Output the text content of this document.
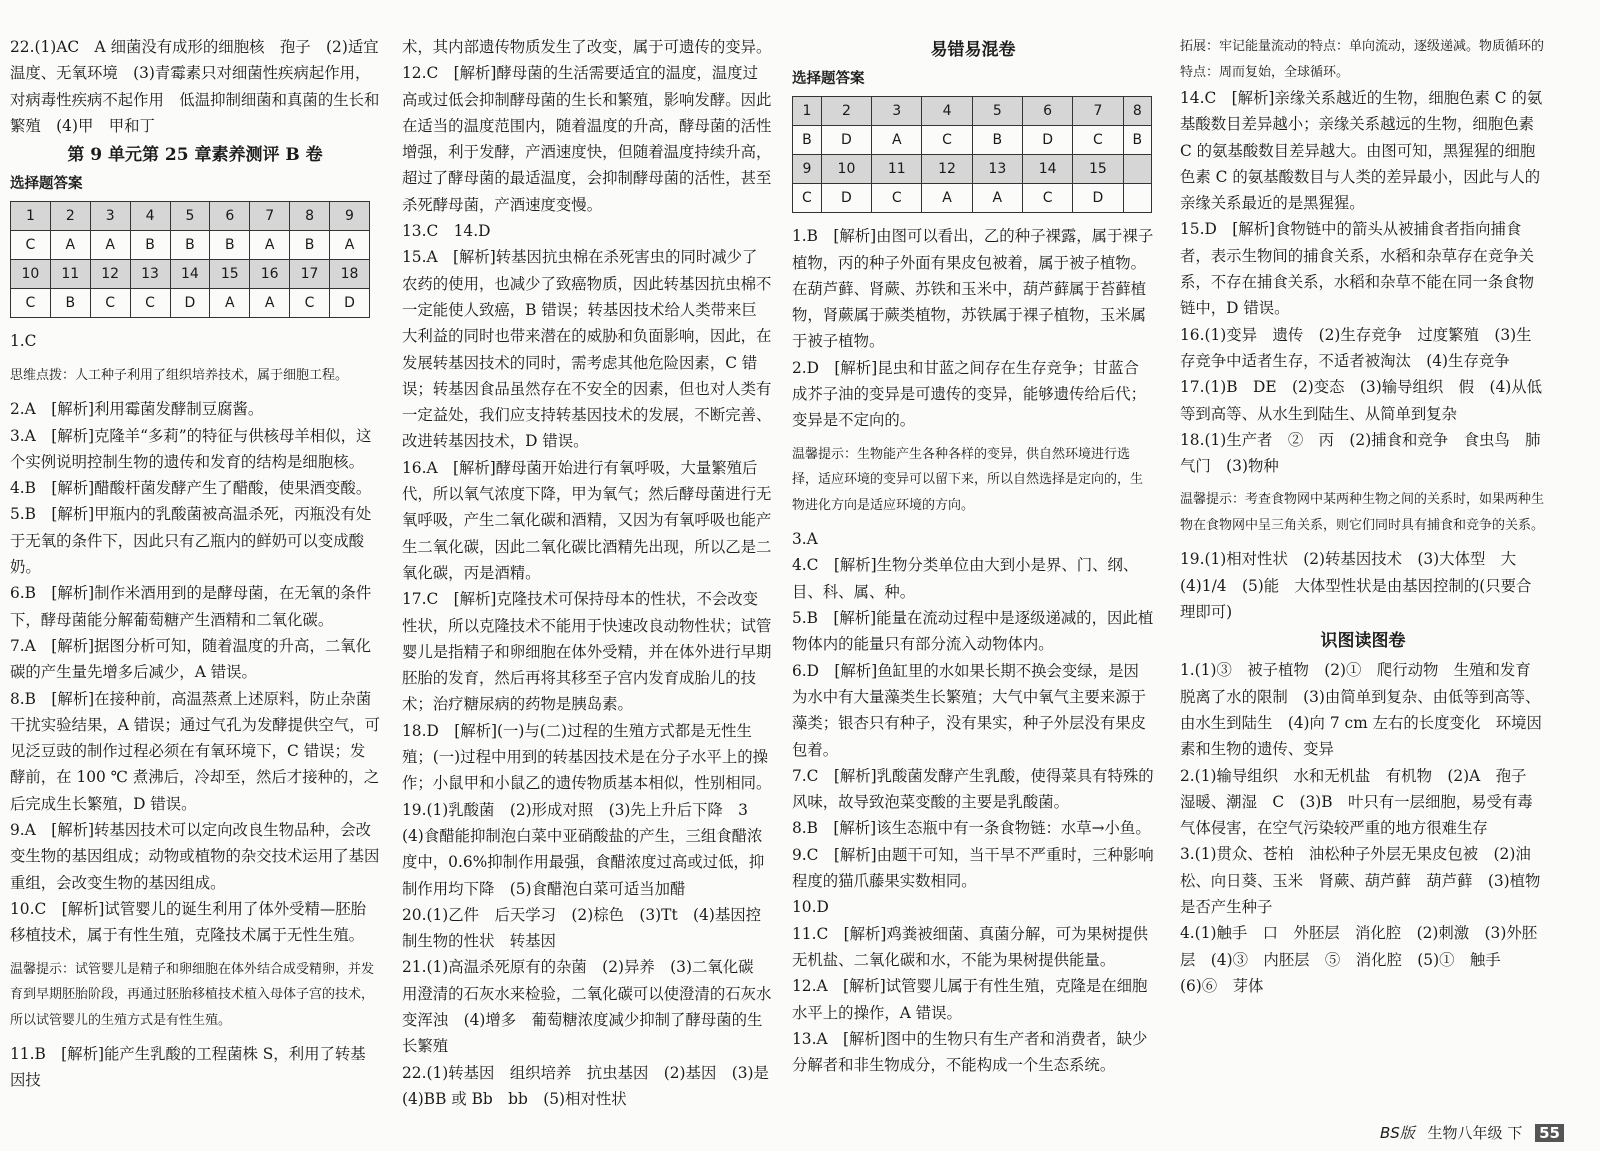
22.(1)AC　A 细菌没有成形的细胞核　孢子　(2)适宜温度、无氧环境　(3)青霉素只对细菌性疾病起作用，对病毒性疾病不起作用　低温抑制细菌和真菌的生长和繁殖　(4)甲　甲和丁

第 9 单元第 25 章素养测评 B 卷

选择题答案

1	2	3	4	5	6	7	8	9
C	A	A	B	B	B	A	B	A
10	11	12	13	14	15	16	17	18
C	B	C	C	D	A	A	C	D

1.C

思维点拨：人工种子利用了组织培养技术，属于细胞工程。

2.A　[解析]利用霉菌发酵制豆腐酱。

3.A　[解析]克隆羊“多莉”的特征与供核母羊相似，这个实例说明控制生物的遗传和发育的结构是细胞核。

4.B　[解析]醋酸杆菌发酵产生了醋酸，使果酒变酸。

5.B　[解析]甲瓶内的乳酸菌被高温杀死，丙瓶没有处于无氧的条件下，因此只有乙瓶内的鲜奶可以变成酸奶。

6.B　[解析]制作米酒用到的是酵母菌，在无氧的条件下，酵母菌能分解葡萄糖产生酒精和二氧化碳。

7.A　[解析]据图分析可知，随着温度的升高，二氧化碳的产生量先增多后减少，A 错误。

8.B　[解析]在接种前，高温蒸煮上述原料，防止杂菌干扰实验结果，A 错误；通过气孔为发酵提供空气，可见泛豆豉的制作过程必须在有氧环境下，C 错误；发酵前，在 100 ℃ 煮沸后，冷却至，然后才接种的，之后完成生长繁殖，D 错误。

9.A　[解析]转基因技术可以定向改良生物品种，会改变生物的基因组成；动物或植物的杂交技术运用了基因重组，会改变生物的基因组成。

10.C　[解析]试管婴儿的诞生利用了体外受精—胚胎移植技术，属于有性生殖，克隆技术属于无性生殖。

温馨提示：试管婴儿是精子和卵细胞在体外结合成受精卵，并发育到早期胚胎阶段，再通过胚胎移植技术植入母体子宫的技术，所以试管婴儿的生殖方式是有性生殖。

11.B　[解析]能产生乳酸的工程菌株 S，利用了转基因技

术，其内部遗传物质发生了改变，属于可遗传的变异。

12.C　[解析]酵母菌的生活需要适宜的温度，温度过高或过低会抑制酵母菌的生长和繁殖，影响发酵。因此在适当的温度范围内，随着温度的升高，酵母菌的活性增强，利于发酵，产酒速度快，但随着温度持续升高，超过了酵母菌的最适温度，会抑制酵母菌的活性，甚至杀死酵母菌，产酒速度变慢。

13.C　14.D

15.A　[解析]转基因抗虫棉在杀死害虫的同时减少了农药的使用，也减少了致癌物质，因此转基因抗虫棉不一定能使人致癌，B 错误；转基因技术给人类带来巨大利益的同时也带来潜在的威胁和负面影响，因此，在发展转基因技术的同时，需考虑其他危险因素，C 错误；转基因食品虽然存在不安全的因素，但也对人类有一定益处，我们应支持转基因技术的发展，不断完善、改进转基因技术，D 错误。

16.A　[解析]酵母菌开始进行有氧呼吸，大量繁殖后代，所以氧气浓度下降，甲为氧气；然后酵母菌进行无氧呼吸，产生二氧化碳和酒精，又因为有氧呼吸也能产生二氧化碳，因此二氧化碳比酒精先出现，所以乙是二氧化碳，丙是酒精。

17.C　[解析]克隆技术可保持母本的性状，不会改变性状，所以克隆技术不能用于快速改良动物性状；试管婴儿是指精子和卵细胞在体外受精，并在体外进行早期胚胎的发育，然后再将其移至子宫内发育成胎儿的技术；治疗糖尿病的药物是胰岛素。

18.D　[解析](一)与(二)过程的生殖方式都是无性生殖；(一)过程中用到的转基因技术是在分子水平上的操作；小鼠甲和小鼠乙的遗传物质基本相似，性别相同。

19.(1)乳酸菌　(2)形成对照　(3)先上升后下降　3　(4)食醋能抑制泡白菜中亚硝酸盐的产生，三组食醋浓度中，0.6%抑制作用最强，食醋浓度过高或过低，抑制作用均下降　(5)食醋泡白菜可适当加醋

20.(1)乙件　后天学习　(2)棕色　(3)Tt　(4)基因控制生物的性状　转基因

21.(1)高温杀死原有的杂菌　(2)异养　(3)二氧化碳　用澄清的石灰水来检验，二氧化碳可以使澄清的石灰水变浑浊　(4)增多　葡萄糖浓度减少抑制了酵母菌的生长繁殖

22.(1)转基因　组织培养　抗虫基因　(2)基因　(3)是　(4)BB 或 Bb　bb　(5)相对性状

易错易混卷

选择题答案

1	2	3	4	5	6	7	8
B	D	A	C	B	D	C	B
9	10	11	12	13	14	15	
C	D	C	A	A	C	D	

1.B　[解析]由图可以看出，乙的种子裸露，属于裸子植物，丙的种子外面有果皮包被着，属于被子植物。在葫芦藓、肾蕨、苏铁和玉米中，葫芦藓属于苔藓植物，肾蕨属于蕨类植物，苏铁属于裸子植物，玉米属于被子植物。

2.D　[解析]昆虫和甘蓝之间存在生存竞争；甘蓝合成芥子油的变异是可遗传的变异，能够遗传给后代；变异是不定向的。

温馨提示：生物能产生各种各样的变异，供自然环境进行选择，适应环境的变异可以留下来，所以自然选择是定向的，生物进化方向是适应环境的方向。

3.A

4.C　[解析]生物分类单位由大到小是界、门、纲、目、科、属、种。

5.B　[解析]能量在流动过程中是逐级递减的，因此植物体内的能量只有部分流入动物体内。

6.D　[解析]鱼缸里的水如果长期不换会变绿，是因为水中有大量藻类生长繁殖；大气中氧气主要来源于藻类；银杏只有种子，没有果实，种子外层没有果皮包着。

7.C　[解析]乳酸菌发酵产生乳酸，使得菜具有特殊的风味，故导致泡菜变酸的主要是乳酸菌。

8.B　[解析]该生态瓶中有一条食物链：水草→小鱼。

9.C　[解析]由题干可知，当干旱不严重时，三种影响程度的猫爪藤果实数相同。

10.D

11.C　[解析]鸡粪被细菌、真菌分解，可为果树提供无机盐、二氧化碳和水，不能为果树提供能量。

12.A　[解析]试管婴儿属于有性生殖，克隆是在细胞水平上的操作，A 错误。

13.A　[解析]图中的生物只有生产者和消费者，缺少分解者和非生物成分，不能构成一个生态系统。

拓展：牢记能量流动的特点：单向流动，逐级递减。物质循环的特点：周而复始，全球循环。

14.C　[解析]亲缘关系越近的生物，细胞色素 C 的氨基酸数目差异越小；亲缘关系越远的生物，细胞色素 C 的氨基酸数目差异越大。由图可知，黑猩猩的细胞色素 C 的氨基酸数目与人类的差异最小，因此与人的亲缘关系最近的是黑猩猩。

15.D　[解析]食物链中的箭头从被捕食者指向捕食者，表示生物间的捕食关系，水稻和杂草存在竞争关系，不存在捕食关系，水稻和杂草不能在同一条食物链中，D 错误。

16.(1)变异　遗传　(2)生存竞争　过度繁殖　(3)生存竞争中适者生存，不适者被淘汰　(4)生存竞争

17.(1)B　DE　(2)变态　(3)输导组织　假　(4)从低等到高等、从水生到陆生、从简单到复杂

18.(1)生产者　②　丙　(2)捕食和竞争　食虫鸟　肺　气门　(3)物种

温馨提示：考查食物网中某两种生物之间的关系时，如果两种生物在食物网中呈三角关系，则它们同时具有捕食和竞争的关系。

19.(1)相对性状　(2)转基因技术　(3)大体型　大

(4)1/4　(5)能　大体型性状是由基因控制的(只要合理即可)

识图读图卷

1.(1)③　被子植物　(2)①　爬行动物　生殖和发育脱离了水的限制　(3)由简单到复杂、由低等到高等、由水生到陆生　(4)向 7 cm 左右的长度变化　环境因素和生物的遗传、变异

2.(1)输导组织　水和无机盐　有机物　(2)A　孢子　湿暖、潮湿　C　(3)B　叶只有一层细胞，易受有毒气体侵害，在空气污染较严重的地方很难生存

3.(1)贯众、苍柏　油松种子外层无果皮包被　(2)油松、向日葵、玉米　肾蕨、葫芦藓　葫芦藓　(3)植物是否产生种子

4.(1)触手　口　外胚层　消化腔　(2)刺激　(3)外胚层　(4)③　内胚层　⑤　消化腔　(5)①　触手　(6)⑥　芽体

BS版 生物八年级 下 55
